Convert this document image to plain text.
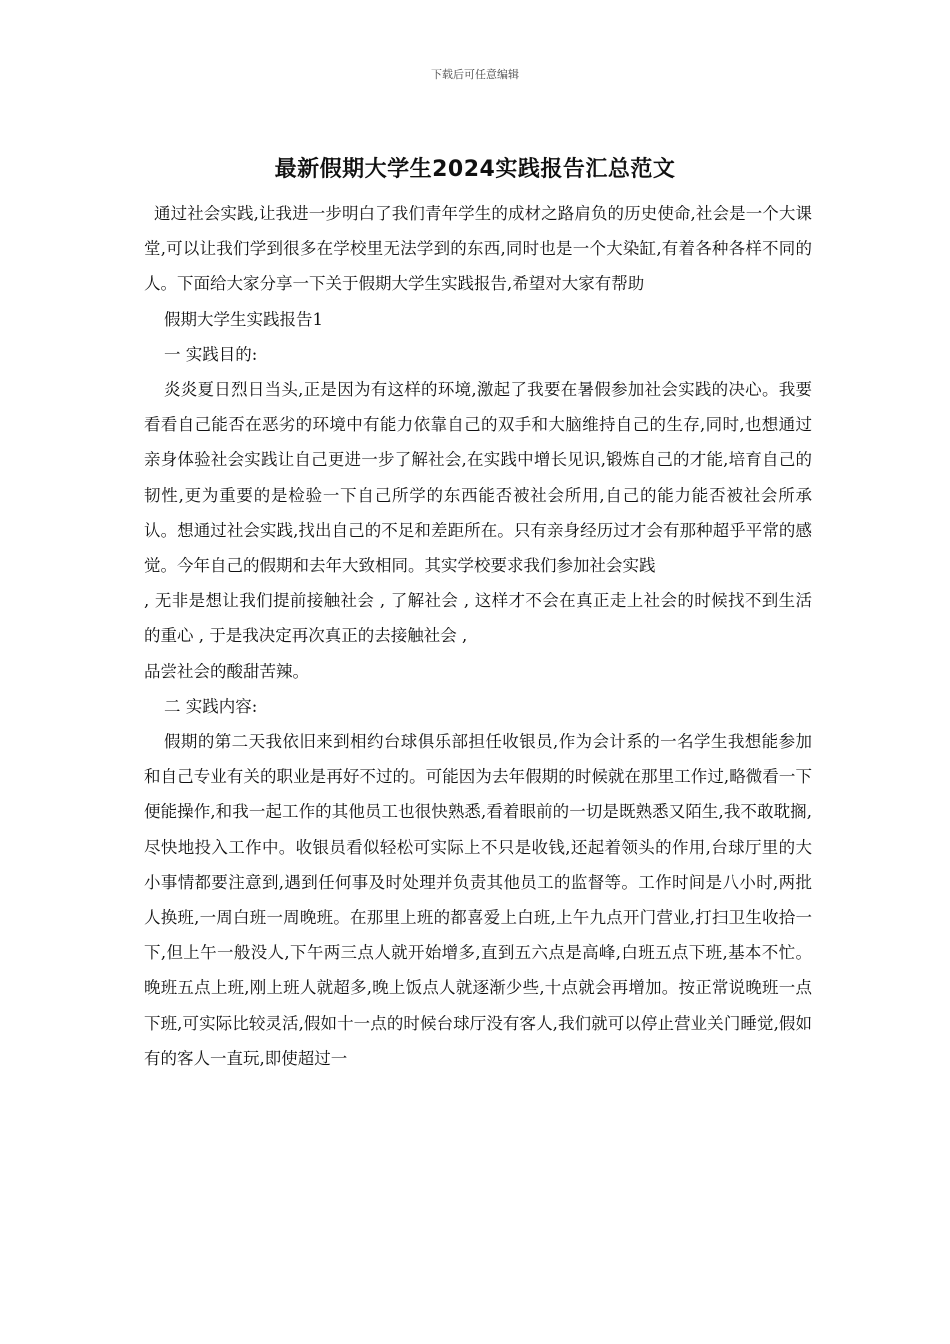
下载后可任意编辑
最新假期大学生2024实践报告汇总范文

通过社会实践,让我进一步明白了我们青年学生的成材之路肩负的历史使命,社会是一个大课堂,可以让我们学到很多在学校里无法学到的东西,同时也是一个大染缸,有着各种各样不同的人。下面给大家分享一下关于假期大学生实践报告,希望对大家有帮助

假期大学生实践报告1

一 实践目的:

炎炎夏日烈日当头,正是因为有这样的环境,激起了我要在暑假参加社会实践的决心。我要看看自己能否在恶劣的环境中有能力依靠自己的双手和大脑维持自己的生存,同时,也想通过亲身体验社会实践让自己更进一步了解社会,在实践中增长见识,锻炼自己的才能,培育自己的韧性,更为重要的是检验一下自己所学的东西能否被社会所用,自己的能力能否被社会所承认。想通过社会实践,找出自己的不足和差距所在。只有亲身经历过才会有那种超乎平常的感觉。今年自己的假期和去年大致相同。其实学校要求我们参加社会实践

, 无非是想让我们提前接触社会 , 了解社会 , 这样才不会在真正走上社会的时候找不到生活的重心 , 于是我决定再次真正的去接触社会 ,

品尝社会的酸甜苦辣。

二 实践内容:

假期的第二天我依旧来到相约台球俱乐部担任收银员,作为会计系的一名学生我想能参加和自己专业有关的职业是再好不过的。可能因为去年假期的时候就在那里工作过,略微看一下便能操作,和我一起工作的其他员工也很快熟悉,看着眼前的一切是既熟悉又陌生,我不敢耽搁,尽快地投入工作中。收银员看似轻松可实际上不只是收钱,还起着领头的作用,台球厅里的大小事情都要注意到,遇到任何事及时处理并负责其他员工的监督等。工作时间是八小时,两批人换班,一周白班一周晚班。在那里上班的都喜爱上白班,上午九点开门营业,打扫卫生收拾一下,但上午一般没人,下午两三点人就开始增多,直到五六点是高峰,白班五点下班,基本不忙。晚班五点上班,刚上班人就超多,晚上饭点人就逐渐少些,十点就会再增加。按正常说晚班一点下班,可实际比较灵活,假如十一点的时候台球厅没有客人,我们就可以停止营业关门睡觉,假如有的客人一直玩,即使超过一
